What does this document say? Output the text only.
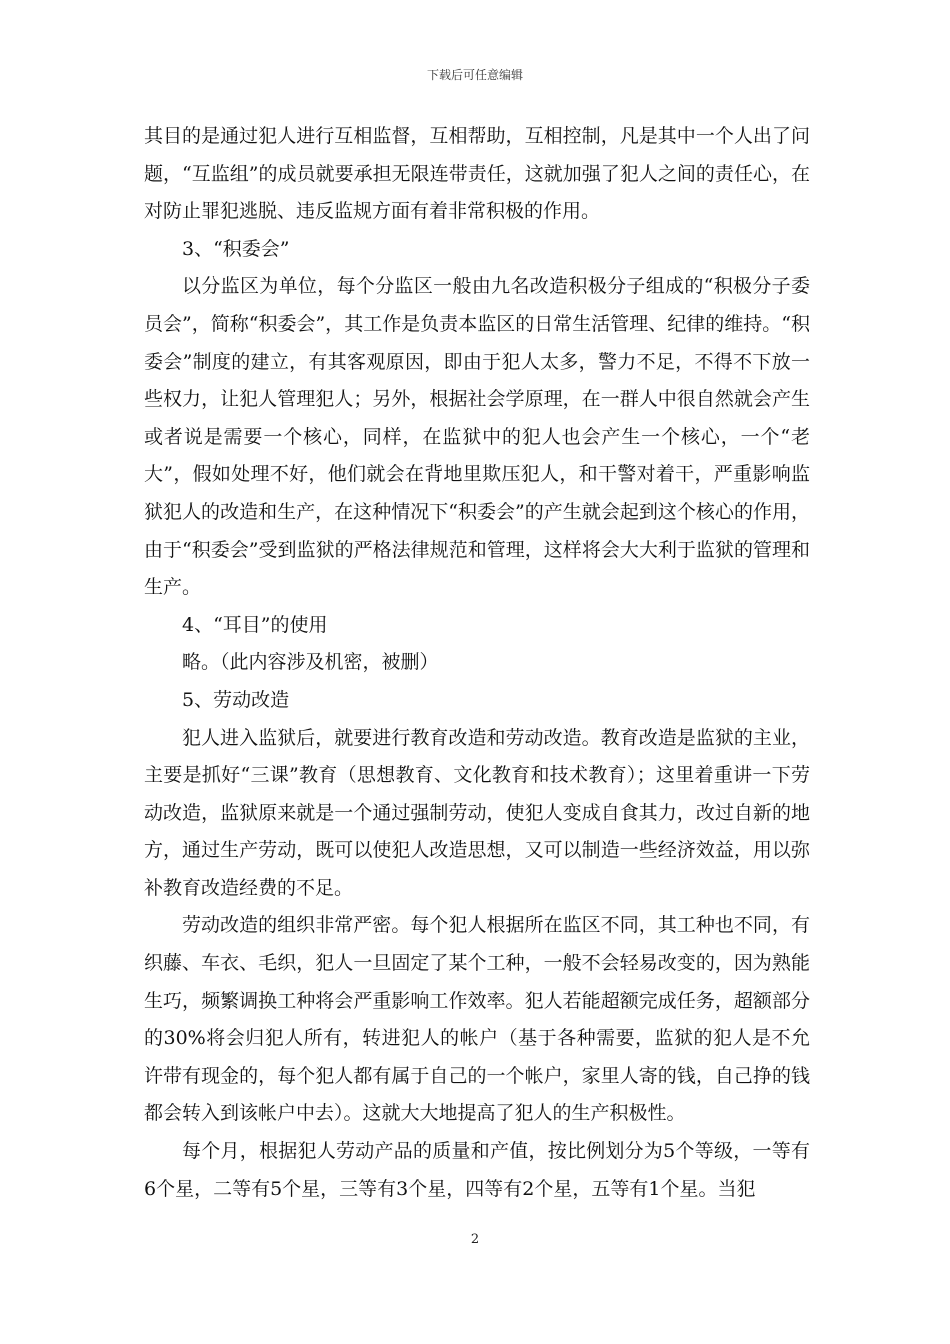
下载后可任意编辑

其目的是通过犯人进行互相监督，互相帮助，互相控制，凡是其中一个人出了问题，“互监组”的成员就要承担无限连带责任，这就加强了犯人之间的责任心，在对防止罪犯逃脱、违反监规方面有着非常积极的作用。

3、“积委会”

以分监区为单位，每个分监区一般由九名改造积极分子组成的“积极分子委员会”，简称“积委会”，其工作是负责本监区的日常生活管理、纪律的维持。“积委会”制度的建立，有其客观原因，即由于犯人太多，警力不足，不得不下放一些权力，让犯人管理犯人；另外，根据社会学原理，在一群人中很自然就会产生或者说是需要一个核心，同样，在监狱中的犯人也会产生一个核心，一个“老大”，假如处理不好，他们就会在背地里欺压犯人，和干警对着干，严重影响监狱犯人的改造和生产，在这种情况下“积委会”的产生就会起到这个核心的作用，由于“积委会”受到监狱的严格法律规范和管理，这样将会大大利于监狱的管理和生产。

4、“耳目”的使用

略。（此内容涉及机密，被删）

5、劳动改造

犯人进入监狱后，就要进行教育改造和劳动改造。教育改造是监狱的主业，主要是抓好“三课”教育（思想教育、文化教育和技术教育）；这里着重讲一下劳动改造，监狱原来就是一个通过强制劳动，使犯人变成自食其力，改过自新的地方，通过生产劳动，既可以使犯人改造思想，又可以制造一些经济效益，用以弥补教育改造经费的不足。

劳动改造的组织非常严密。每个犯人根据所在监区不同，其工种也不同，有织藤、车衣、毛织，犯人一旦固定了某个工种，一般不会轻易改变的，因为熟能生巧，频繁调换工种将会严重影响工作效率。犯人若能超额完成任务，超额部分的30%将会归犯人所有，转进犯人的帐户（基于各种需要，监狱的犯人是不允许带有现金的，每个犯人都有属于自己的一个帐户，家里人寄的钱，自己挣的钱都会转入到该帐户中去）。这就大大地提高了犯人的生产积极性。

每个月，根据犯人劳动产品的质量和产值，按比例划分为5个等级，一等有6个星，二等有5个星，三等有3个星，四等有2个星，五等有1个星。当犯

2
